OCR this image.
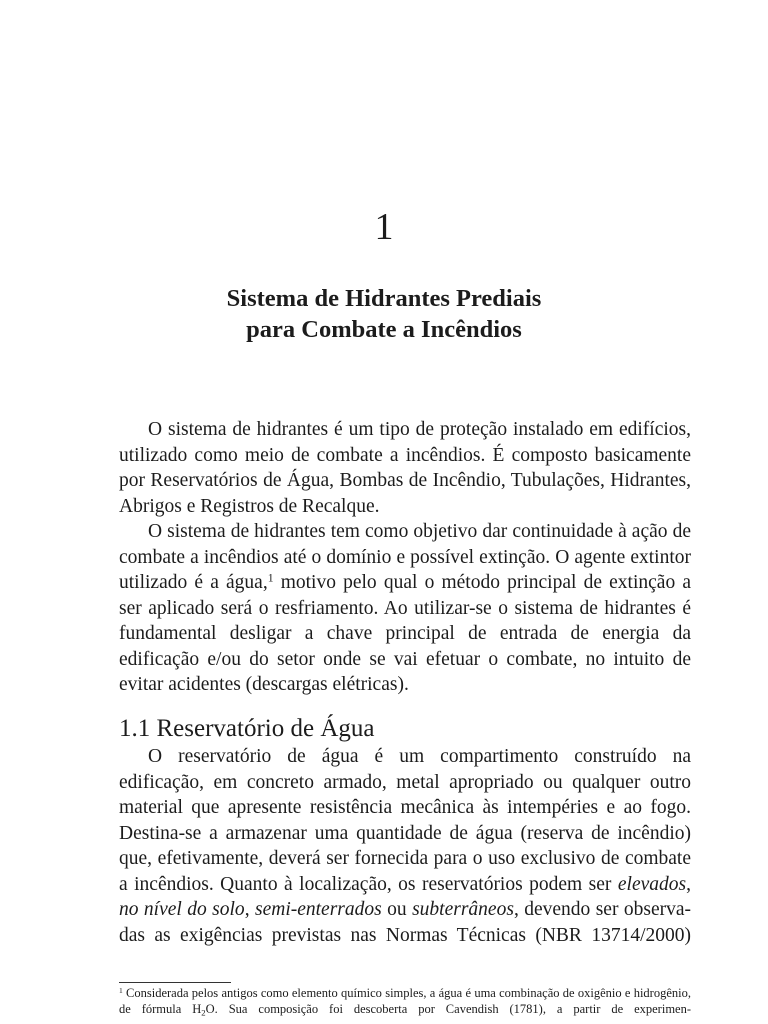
1
Sistema de Hidrantes Prediais
para Combate a Incêndios

O sistema de hidrantes é um tipo de proteção instalado em edifícios, utilizado como meio de combate a incêndios. É composto basicamente por Reservatórios de Água, Bombas de Incêndio, Tubulações, Hidrantes, Abrigos e Registros de Recalque.

O sistema de hidrantes tem como objetivo dar continuidade à ação de combate a incêndios até o domínio e possível extinção. O agente extintor utilizado é a água,$^1$ motivo pelo qual o método principal de extinção a ser aplicado será o resfriamento. Ao utilizar-se o sistema de hidrantes é fundamental desligar a chave principal de entrada de energia da edificação e/ou do setor onde se vai efetuar o combate, no intuito de evitar acidentes (descargas elétricas).

1.1 Reservatório de Água

O reservatório de água é um compartimento construído na edificação, em concreto armado, metal apropriado ou qualquer outro material que apresente resistência mecânica às intempéries e ao fogo. Destina-se a armazenar uma quantidade de água (reserva de incêndio) que, efetivamente, deverá ser fornecida para o uso exclusivo de combate a incêndios. Quanto à localização, os reservatórios podem ser elevados, no nível do solo, semi-enterrados ou subterrâneos, devendo ser observadas as exigências previstas nas Normas Técnicas (NBR 13714/2000)

$^1$ Considerada pelos antigos como elemento químico simples, a água é uma combinação de oxigênio e hidrogênio, de fórmula $H_2O$. Sua composição foi descoberta por Cavendish (1781), a partir de experimen-
